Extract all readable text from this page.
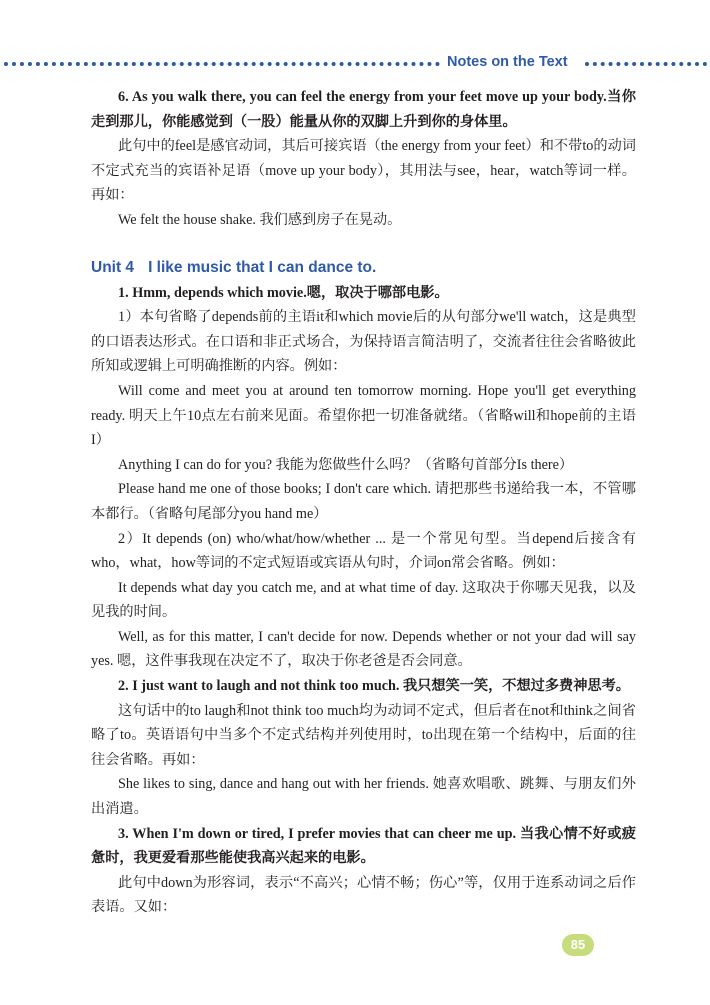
Notes on the Text

6. As you walk there, you can feel the energy from your feet move up your body.当你走到那儿，你能感觉到（一股）能量从你的双脚上升到你的身体里。

此句中的feel是感官动词，其后可接宾语（the energy from your feet）和不带to的动词不定式充当的宾语补足语（move up your body），其用法与see，hear，watch等词一样。再如：

We felt the house shake. 我们感到房子在晃动。

Unit 4 I like music that I can dance to.

1. Hmm, depends which movie.嗯，取决于哪部电影。

1）本句省略了depends前的主语it和which movie后的从句部分we'll watch，这是典型的口语表达形式。在口语和非正式场合，为保持语言简洁明了，交流者往往会省略彼此所知或逻辑上可明确推断的内容。例如：

Will come and meet you at around ten tomorrow morning. Hope you'll get everything ready. 明天上午10点左右前来见面。希望你把一切准备就绪。（省略will和hope前的主语I）

Anything I can do for you? 我能为您做些什么吗？（省略句首部分Is there）

Please hand me one of those books; I don't care which. 请把那些书递给我一本，不管哪本都行。（省略句尾部分you hand me）

2）It depends (on) who/what/how/whether ... 是一个常见句型。当depend后接含有who，what，how等词的不定式短语或宾语从句时，介词on常会省略。例如：

It depends what day you catch me, and at what time of day. 这取决于你哪天见我，以及见我的时间。

Well, as for this matter, I can't decide for now. Depends whether or not your dad will say yes. 嗯，这件事我现在决定不了，取决于你老爸是否会同意。

2. I just want to laugh and not think too much. 我只想笑一笑，不想过多费神思考。

这句话中的to laugh和not think too much均为动词不定式，但后者在not和think之间省略了to。英语语句中当多个不定式结构并列使用时，to出现在第一个结构中，后面的往往会省略。再如：

She likes to sing, dance and hang out with her friends. 她喜欢唱歌、跳舞、与朋友们外出消遣。

3. When I'm down or tired, I prefer movies that can cheer me up. 当我心情不好或疲惫时，我更爱看那些能使我高兴起来的电影。

此句中down为形容词，表示“不高兴；心情不畅；伤心”等，仅用于连系动词之后作表语。又如：

85
